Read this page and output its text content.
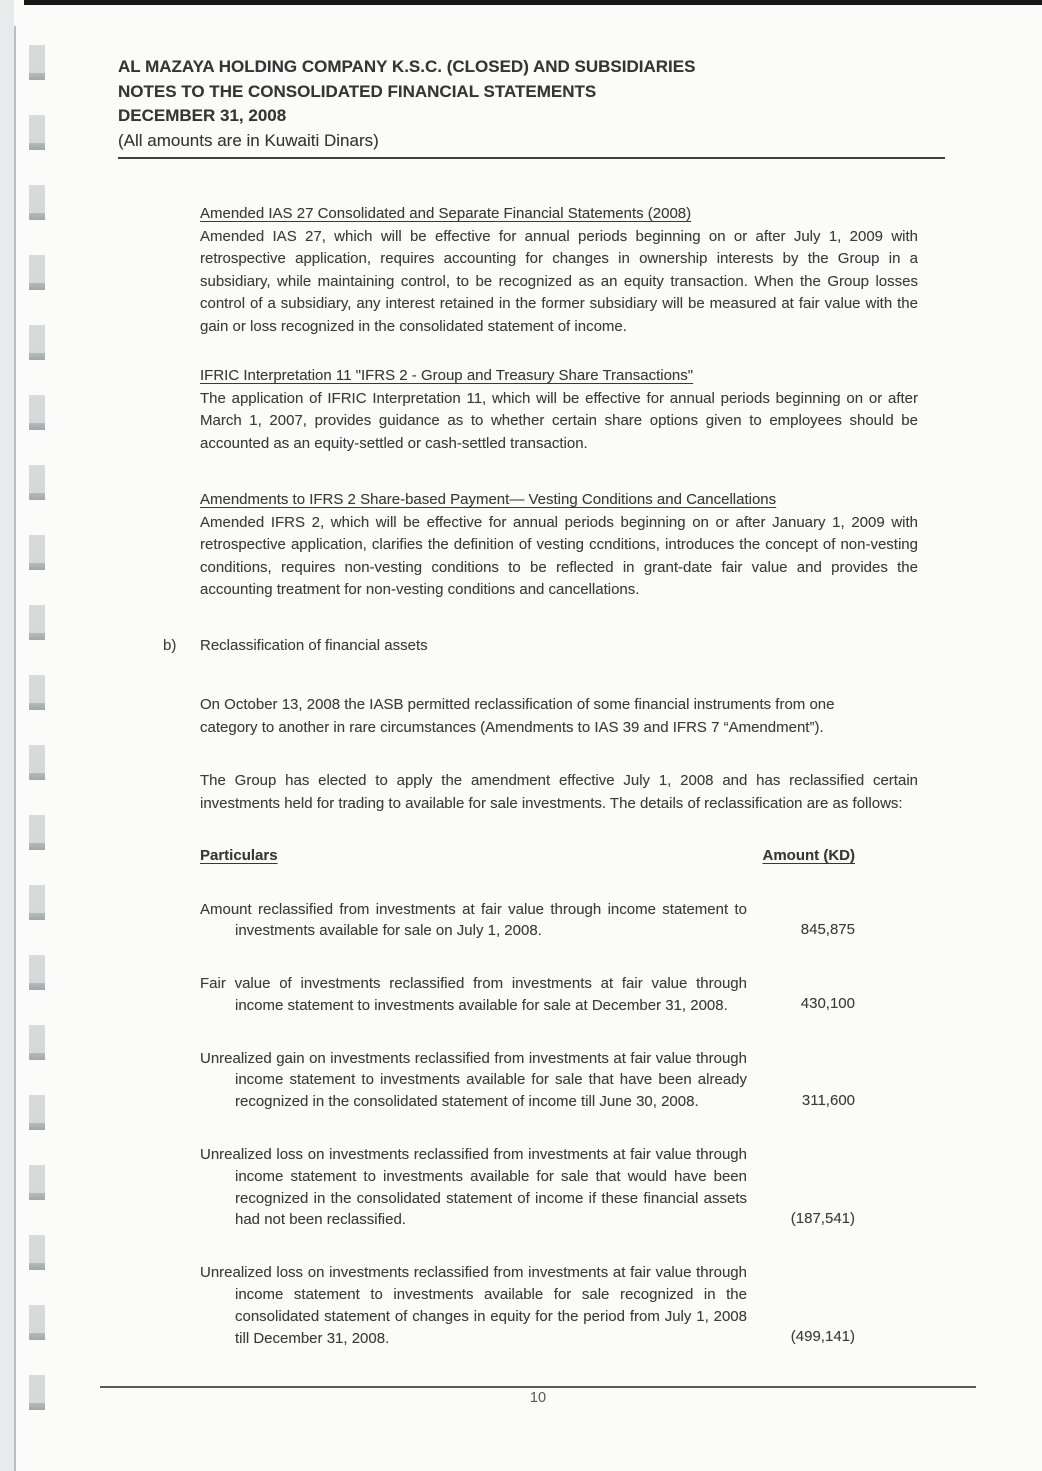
AL MAZAYA HOLDING COMPANY K.S.C. (CLOSED) AND SUBSIDIARIES
NOTES TO THE CONSOLIDATED FINANCIAL STATEMENTS
DECEMBER 31, 2008
(All amounts are in Kuwaiti Dinars)

Amended IAS 27 Consolidated and Separate Financial Statements (2008)

Amended IAS 27, which will be effective for annual periods beginning on or after July 1, 2009 with retrospective application, requires accounting for changes in ownership interests by the Group in a subsidiary, while maintaining control, to be recognized as an equity transaction. When the Group losses control of a subsidiary, any interest retained in the former subsidiary will be measured at fair value with the gain or loss recognized in the consolidated statement of income.

IFRIC Interpretation 11 "IFRS 2 - Group and Treasury Share Transactions"

The application of IFRIC Interpretation 11, which will be effective for annual periods beginning on or after March 1, 2007, provides guidance as to whether certain share options given to employees should be accounted as an equity-settled or cash-settled transaction.

Amendments to IFRS 2 Share-based Payment— Vesting Conditions and Cancellations

Amended IFRS 2, which will be effective for annual periods beginning on or after January 1, 2009 with retrospective application, clarifies the definition of vesting ccnditions, introduces the concept of non-vesting conditions, requires non-vesting conditions to be reflected in grant-date fair value and provides the accounting treatment for non-vesting conditions and cancellations.

b)	Reclassification of financial assets

On October 13, 2008 the IASB permitted reclassification of some financial instruments from one category to another in rare circumstances (Amendments to IAS 39 and IFRS 7 “Amendment”).

The Group has elected to apply the amendment effective July 1, 2008 and has reclassified certain investments held for trading to available for sale investments. The details of reclassification are as follows:

Particulars	Amount (KD)

Amount reclassified from investments at fair value through income statement to investments available for sale on July 1, 2008.	845,875

Fair value of investments reclassified from investments at fair value through income statement to investments available for sale at December 31, 2008.	430,100

Unrealized gain on investments reclassified from investments at fair value through income statement to investments available for sale that have been already recognized in the consolidated statement of income till June 30, 2008.	311,600

Unrealized loss on investments reclassified from investments at fair value through income statement to investments available for sale that would have been recognized in the consolidated statement of income if these financial assets had not been reclassified.	(187,541)

Unrealized loss on investments reclassified from investments at fair value through income statement to investments available for sale recognized in the consolidated statement of changes in equity for the period from July 1, 2008 till December 31, 2008.	(499,141)
10
